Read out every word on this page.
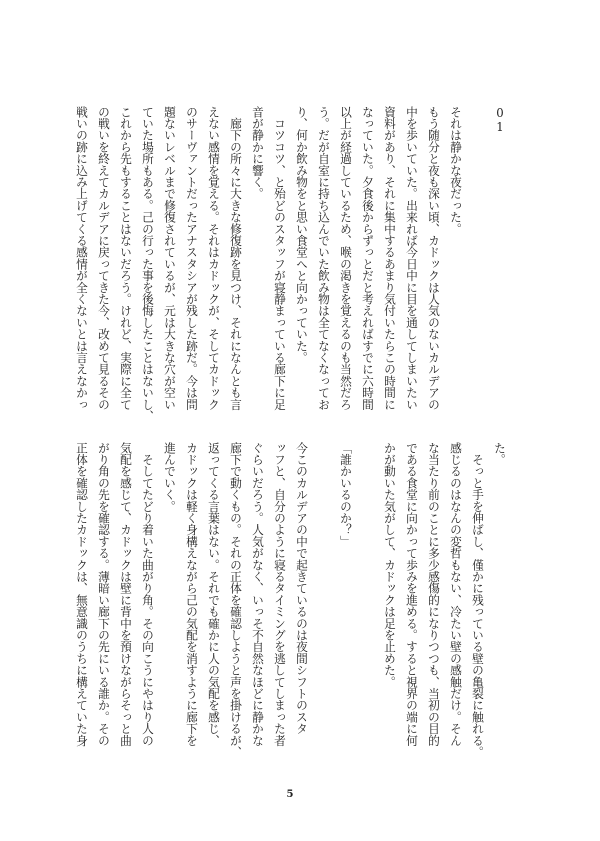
01
それは静かな夜だった。
もう随分と夜も深い頃、カドックは人気のないカルデアの
中を歩いていた。出来れば今日中に目を通してしまいたい
資料があり、それに集中するあまり気付いたらこの時間に
なっていた。夕食後からずっとだと考えればすでに六時間
以上が経過しているため、喉の渇きを覚えるのも当然だろ
う。だが自室に持ち込んでいた飲み物は全てなくなってお
り、何か飲み物をと思い食堂へと向かっていた。
　コツコツ、と殆どのスタッフが寝静まっている廊下に足
音が静かに響く。
　廊下の所々に大きな修復跡を見つけ、それになんとも言
えない感情を覚える。それはカドックが、そしてカドック
のサーヴァントだったアナスタシアが残した跡だ。今は問
題ないレベルまで修復されているが、元は大きな穴が空い
ていた場所もある。己の行った事を後悔したことはないし、
これから先もすることはないだろう。けれど、実際に全て
の戦いを終えてカルデアに戻ってきた今、改めて見るその
戦いの跡に込み上げてくる感情が全くないとは言えなかっ
た。
　そっと手を伸ばし、僅かに残っている壁の亀裂に触れる。
感じるのはなんの変哲もない、冷たい壁の感触だけ。そん
な当たり前のことに多少感傷的になりつつも、当初の目的
である食堂に向かって歩みを進める。すると視界の端に何
かが動いた気がして、カドックは足を止めた。
「誰かいるのか？」
今このカルデアの中で起きているのは夜間シフトのスタ
ッフと、自分のように寝るタイミングを逃してしまった者
ぐらいだろう。人気がなく、いっそ不自然なほどに静かな
廊下で動くもの。それの正体を確認しようと声を掛けるが、
返ってくる言葉はない。それでも確かに人の気配を感じ、
カドックは軽く身構えながら己の気配を消すように廊下を
進んでいく。
　そしてたどり着いた曲がり角。その向こうにやはり人の
気配を感じて、カドックは壁に背中を預けながらそっと曲
がり角の先を確認する。薄暗い廊下の先にいる誰か。その
正体を確認したカドックは、無意識のうちに構えていた身
5
